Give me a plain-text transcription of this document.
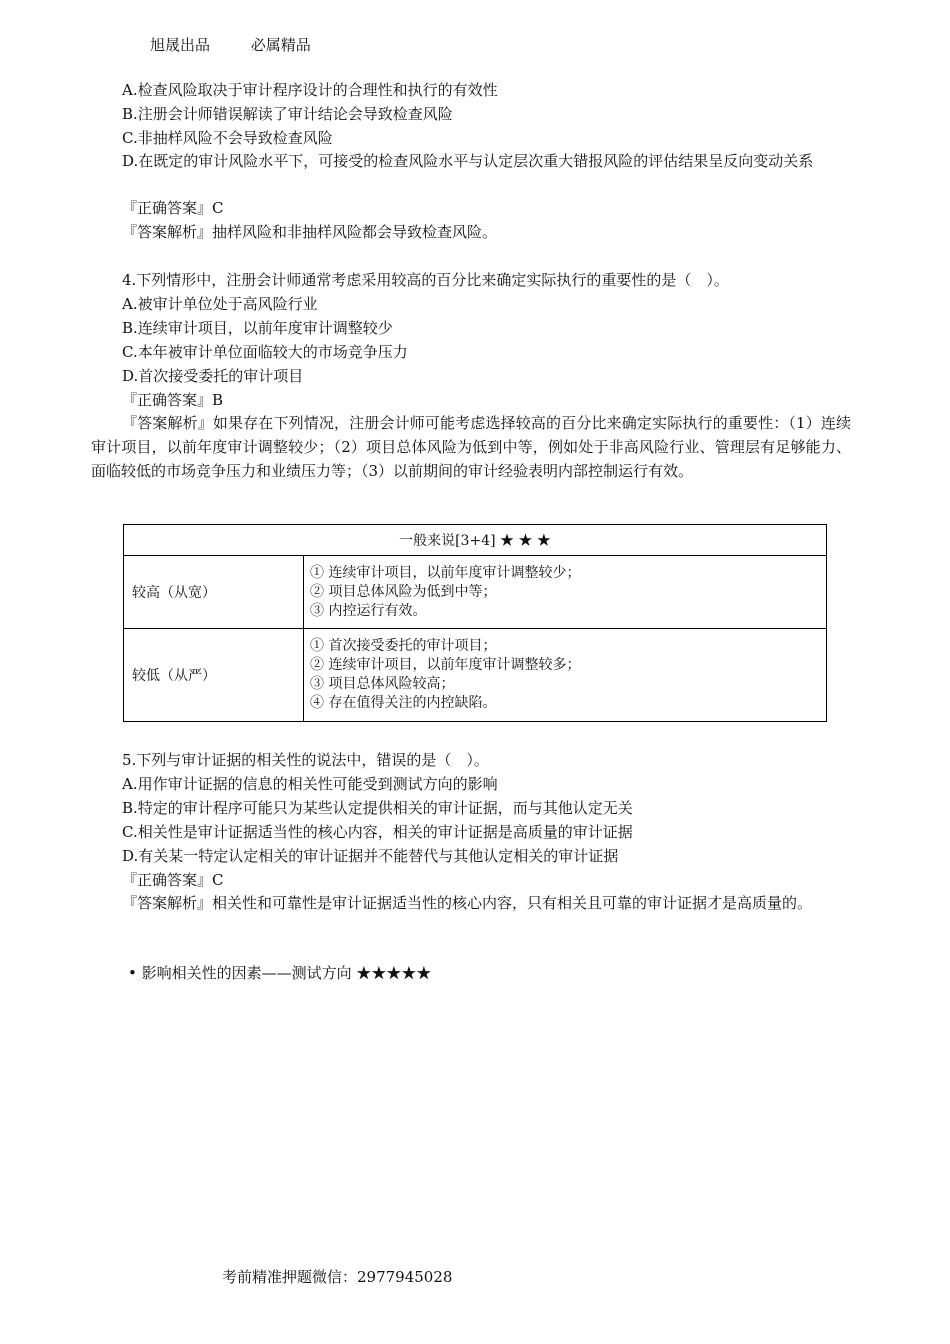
旭晟出品	必属精品
A.检查风险取决于审计程序设计的合理性和执行的有效性
B.注册会计师错误解读了审计结论会导致检查风险
C.非抽样风险不会导致检查风险
D.在既定的审计风险水平下，可接受的检查风险水平与认定层次重大错报风险的评估结果呈反向变动关系
『正确答案』C
『答案解析』抽样风险和非抽样风险都会导致检查风险。
4.下列情形中，注册会计师通常考虑采用较高的百分比来确定实际执行的重要性的是（　）。
A.被审计单位处于高风险行业
B.连续审计项目，以前年度审计调整较少
C.本年被审计单位面临较大的市场竞争压力
D.首次接受委托的审计项目
『正确答案』B
『答案解析』如果存在下列情况，注册会计师可能考虑选择较高的百分比来确定实际执行的重要性：（1）连续审计项目，以前年度审计调整较少；（2）项目总体风险为低到中等，例如处于非高风险行业、管理层有足够能力、面临较低的市场竞争压力和业绩压力等；（3）以前期间的审计经验表明内部控制运行有效。
一般来说[3+4] ★ ★ ★	
较高（从宽）	① 连续审计项目，以前年度审计调整较少；
② 项目总体风险为低到中等；
③ 内控运行有效。

较低（从严）	① 首次接受委托的审计项目；
② 连续审计项目，以前年度审计调整较多；
③ 项目总体风险较高；
④ 存在值得关注的内控缺陷。
5.下列与审计证据的相关性的说法中，错误的是（　）。
A.用作审计证据的信息的相关性可能受到测试方向的影响
B.特定的审计程序可能只为某些认定提供相关的审计证据，而与其他认定无关
C.相关性是审计证据适当性的核心内容，相关的审计证据是高质量的审计证据
D.有关某一特定认定相关的审计证据并不能替代与其他认定相关的审计证据
『正确答案』C
『答案解析』相关性和可靠性是审计证据适当性的核心内容，只有相关且可靠的审计证据才是高质量的。
• 影响相关性的因素——测试方向 ★★★★★
考前精准押题微信：2977945028
